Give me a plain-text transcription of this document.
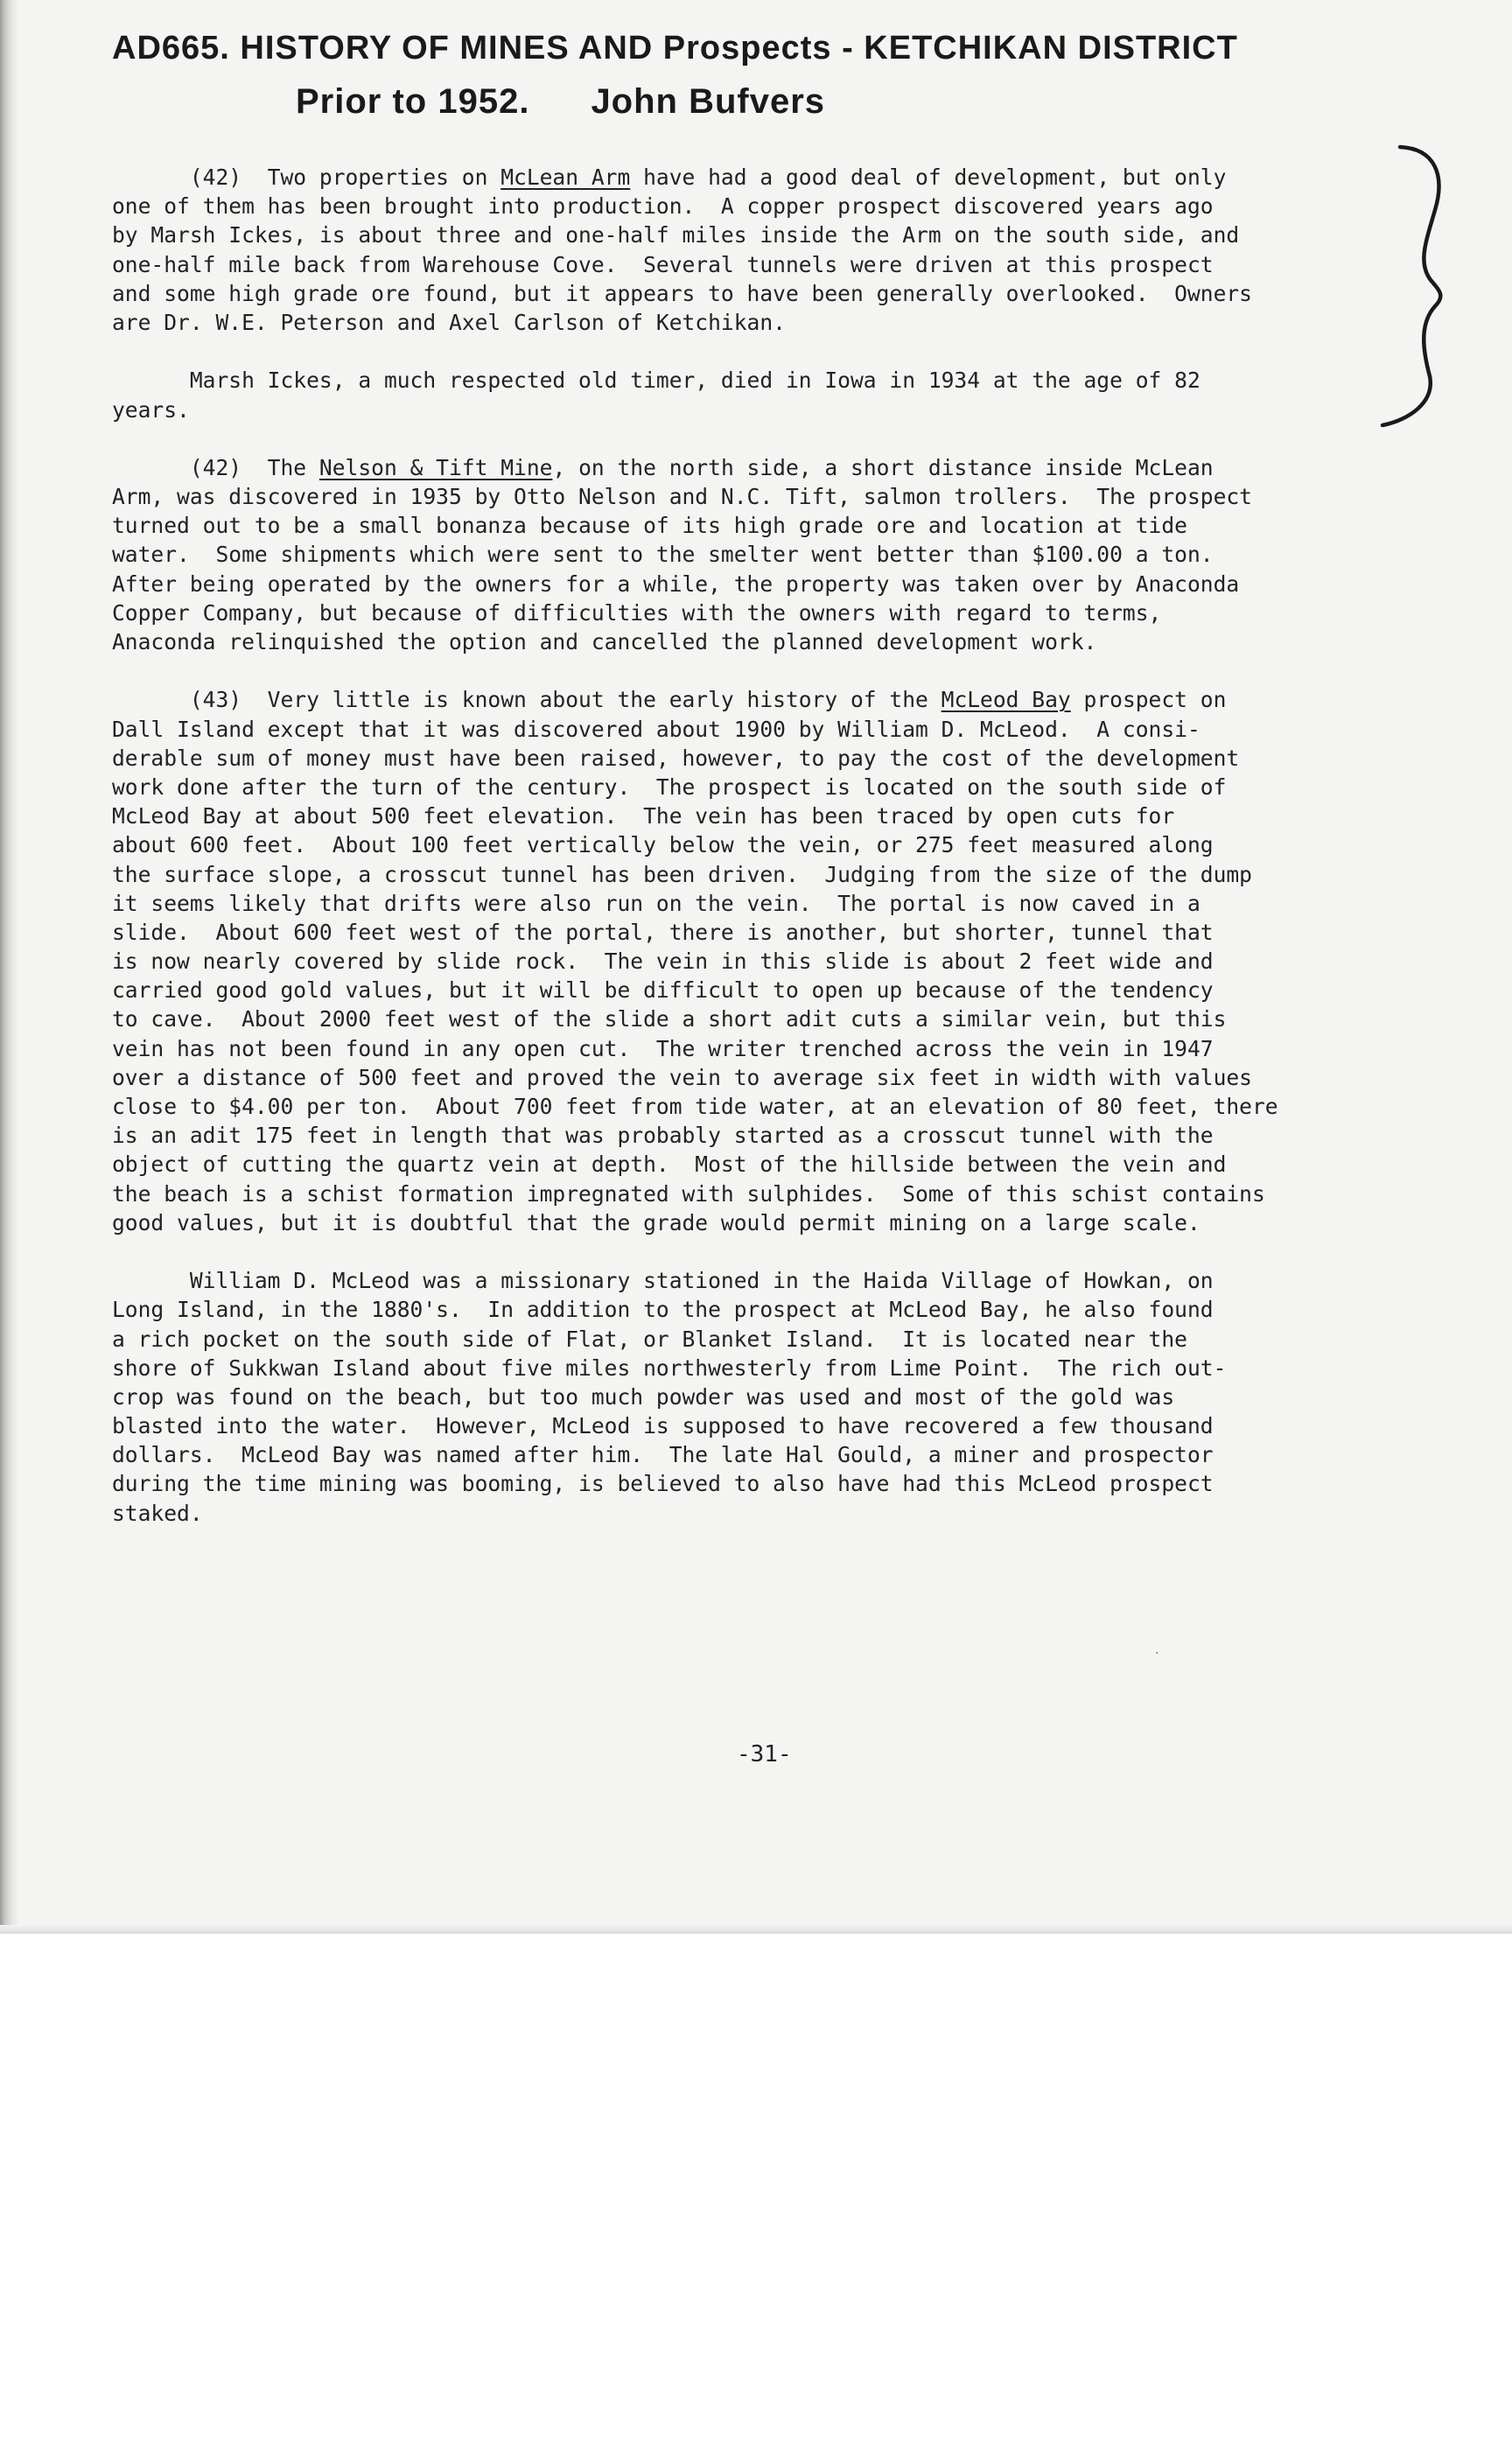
AD665. HISTORY OF MINES AND Prospects - KETCHIKAN DISTRICT
Prior to 1952. John Bufvers
(42)  Two properties on McLean Arm have had a good deal of development, but only
one of them has been brought into production.  A copper prospect discovered years ago
by Marsh Ickes, is about three and one-half miles inside the Arm on the south side, and
one-half mile back from Warehouse Cove.  Several tunnels were driven at this prospect
and some high grade ore found, but it appears to have been generally overlooked.  Owners
are Dr. W.E. Peterson and Axel Carlson of Ketchikan.
Marsh Ickes, a much respected old timer, died in Iowa in 1934 at the age of 82
years.
(42)  The Nelson & Tift Mine, on the north side, a short distance inside McLean
Arm, was discovered in 1935 by Otto Nelson and N.C. Tift, salmon trollers.  The prospect
turned out to be a small bonanza because of its high grade ore and location at tide
water.  Some shipments which were sent to the smelter went better than $100.00 a ton.
After being operated by the owners for a while, the property was taken over by Anaconda
Copper Company, but because of difficulties with the owners with regard to terms,
Anaconda relinquished the option and cancelled the planned development work.
(43)  Very little is known about the early history of the McLeod Bay prospect on
Dall Island except that it was discovered about 1900 by William D. McLeod.  A consi-
derable sum of money must have been raised, however, to pay the cost of the development
work done after the turn of the century.  The prospect is located on the south side of
McLeod Bay at about 500 feet elevation.  The vein has been traced by open cuts for
about 600 feet.  About 100 feet vertically below the vein, or 275 feet measured along
the surface slope, a crosscut tunnel has been driven.  Judging from the size of the dump
it seems likely that drifts were also run on the vein.  The portal is now caved in a
slide.  About 600 feet west of the portal, there is another, but shorter, tunnel that
is now nearly covered by slide rock.  The vein in this slide is about 2 feet wide and
carried good gold values, but it will be difficult to open up because of the tendency
to cave.  About 2000 feet west of the slide a short adit cuts a similar vein, but this
vein has not been found in any open cut.  The writer trenched across the vein in 1947
over a distance of 500 feet and proved the vein to average six feet in width with values
close to $4.00 per ton.  About 700 feet from tide water, at an elevation of 80 feet, there
is an adit 175 feet in length that was probably started as a crosscut tunnel with the
object of cutting the quartz vein at depth.  Most of the hillside between the vein and
the beach is a schist formation impregnated with sulphides.  Some of this schist contains
good values, but it is doubtful that the grade would permit mining on a large scale.
William D. McLeod was a missionary stationed in the Haida Village of Howkan, on
Long Island, in the 1880's.  In addition to the prospect at McLeod Bay, he also found
a rich pocket on the south side of Flat, or Blanket Island.  It is located near the
shore of Sukkwan Island about five miles northwesterly from Lime Point.  The rich out-
crop was found on the beach, but too much powder was used and most of the gold was
blasted into the water.  However, McLeod is supposed to have recovered a few thousand
dollars.  McLeod Bay was named after him.  The late Hal Gould, a miner and prospector
during the time mining was booming, is believed to also have had this McLeod prospect
staked.
-31-
·
